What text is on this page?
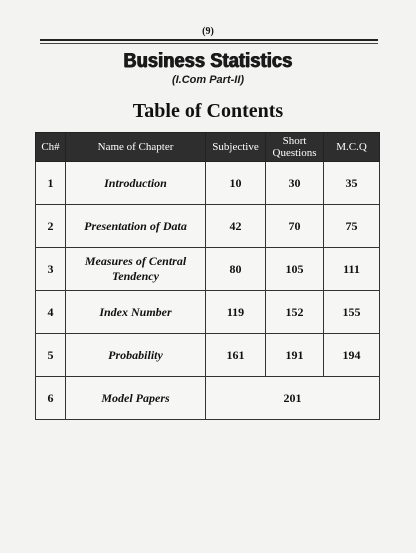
(9)
Business Statistics
(I.Com Part-II)
Table of Contents
Ch#	Name of Chapter	Subjective	Short Questions	M.C.Q
1	Introduction	10	30	35
2	Presentation of Data	42	70	75
3	Measures of Central Tendency	80	105	111
4	Index Number	119	152	155
5	Probability	161	191	194
6	Model Papers	201		
